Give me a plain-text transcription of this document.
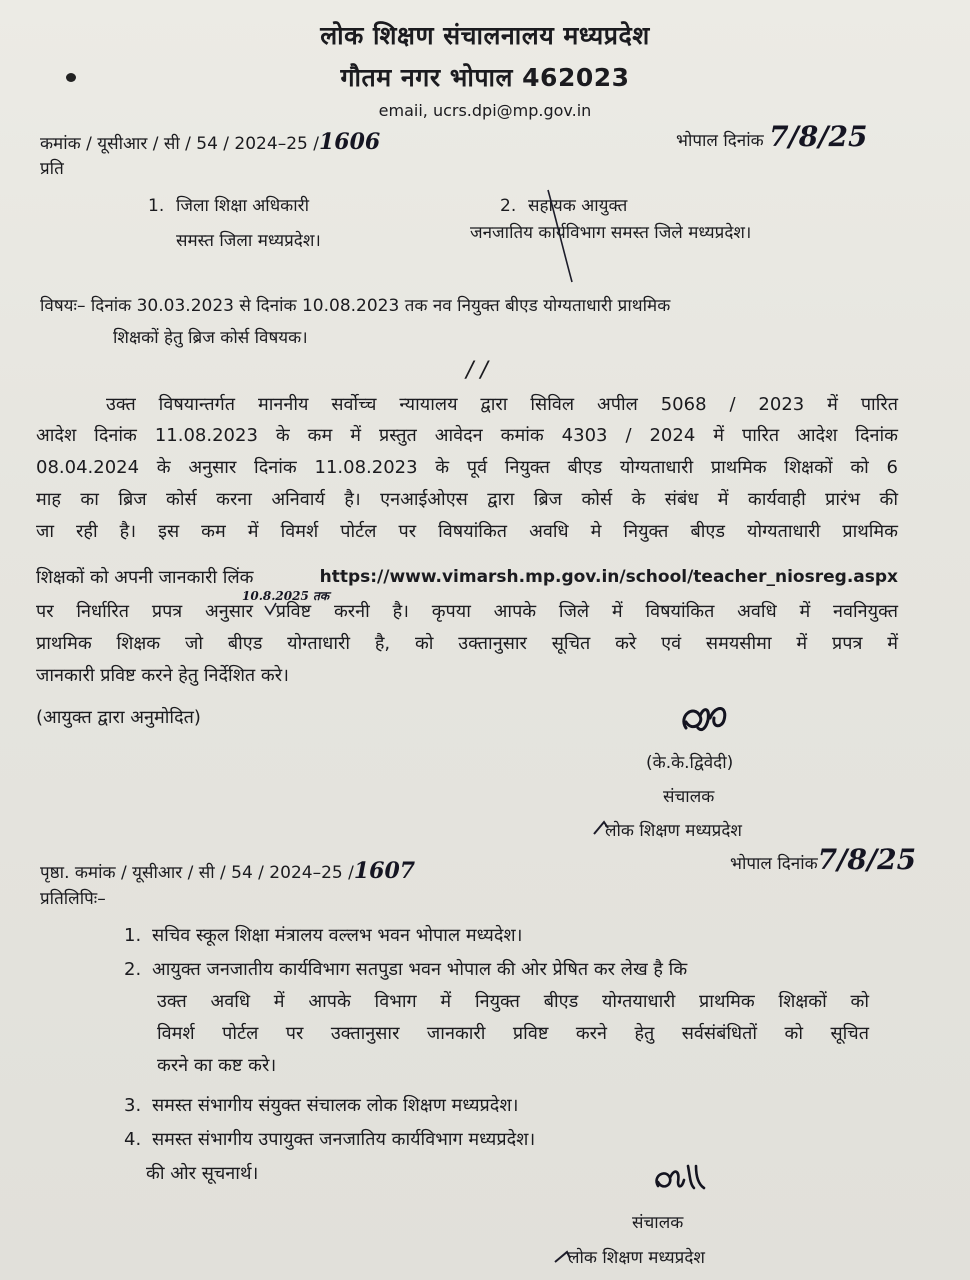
लोक शिक्षण संचालनालय मध्यप्रदेश
गौतम नगर भोपाल 462023
emaii, ucrs.dpi@mp.gov.in
कमांक / यूसीआर / सी / 54 / 2024–25 /1606	भोपाल दिनांक 7/8/25
प्रति
1. जिला शिक्षा अधिकारी
समस्त जिला मध्यप्रदेश।
2. सहायक आयुक्त
जनजातिय कार्यविभाग समस्त जिले मध्यप्रदेश।
विषयः– दिनांक 30.03.2023 से दिनांक 10.08.2023 तक नव नियुक्त बीएड योग्यताधारी प्राथमिक
शिक्षकों हेतु ब्रिज कोर्स विषयक।
/ /
उक्त विषयान्तर्गत माननीय सर्वोच्च न्यायालय द्वारा सिविल अपील 5068 / 2023 में पारित
आदेश दिनांक 11.08.2023 के कम में प्रस्तुत आवेदन कमांक 4303 / 2024 में पारित आदेश दिनांक
08.04.2024 के अनुसार दिनांक 11.08.2023 के पूर्व नियुक्त बीएड योग्यताधारी प्राथमिक शिक्षकों को 6
माह का ब्रिज कोर्स करना अनिवार्य है। एनआईओएस द्वारा ब्रिज कोर्स के संबंध में कार्यवाही प्रारंभ की
जा रही है। इस कम में विमर्श पोर्टल पर विषयांकित अवधि मे नियुक्त बीएड योग्यताधारी प्राथमिक
शिक्षकों को अपनी जानकारी लिंक	https://www.vimarsh.mp.gov.in/school/teacher_niosreg.aspx
10.8.2025 तक
पर निर्धारित प्रपत्र अनुसार प्रविष्ट करनी है। कृपया आपके जिले में विषयांकित अवधि में नवनियुक्त
प्राथमिक शिक्षक जो बीएड योग्ताधारी है, को उक्तानुसार सूचित करे एवं समयसीमा में प्रपत्र में
जानकारी प्रविष्ट करने हेतु निर्देशित करे।
(आयुक्त द्वारा अनुमोदित)
(के.के.द्विवेदी)
संचालक
लोक शिक्षण मध्यप्रदेश
पृष्ठा. कमांक / यूसीआर / सी / 54 / 2024–25 /1607	भोपाल दिनांक7/8/25
प्रतिलिपिः–
1. सचिव स्कूल शिक्षा मंत्रालय वल्लभ भवन भोपाल मध्यदेश।
2. आयुक्त जनजातीय कार्यविभाग सतपुडा भवन भोपाल की ओर प्रेषित कर लेख है कि
उक्त अवधि में आपके विभाग में नियुक्त बीएड योग्तयाधारी प्राथमिक शिक्षकों को
विमर्श पोर्टल पर उक्तानुसार जानकारी प्रविष्ट करने हेतु सर्वसंबंधितों को सूचित
करने का कष्ट करे।
3. समस्त संभागीय संयुक्त संचालक लोक शिक्षण मध्यप्रदेश।
4. समस्त संभागीय उपायुक्त जनजातिय कार्यविभाग मध्यप्रदेश।
की ओर सूचनार्थ।
संचालक
लोक शिक्षण मध्यप्रदेश
